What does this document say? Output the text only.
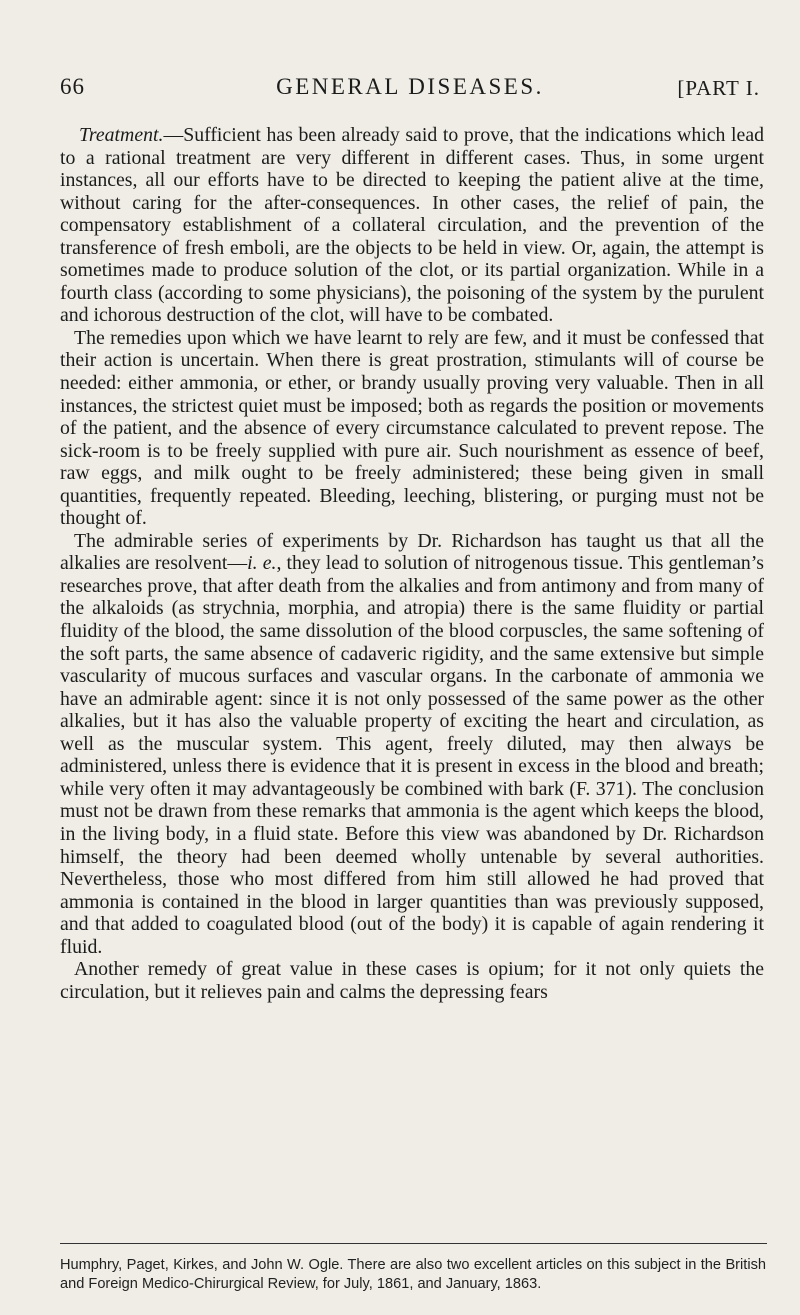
66	GENERAL DISEASES.	[PART I.

Treatment.—Sufficient has been already said to prove, that the indications which lead to a rational treatment are very different in different cases. Thus, in some urgent instances, all our efforts have to be directed to keeping the patient alive at the time, without caring for the after-consequences. In other cases, the relief of pain, the compensatory establishment of a collateral circulation, and the prevention of the transference of fresh emboli, are the objects to be held in view. Or, again, the attempt is sometimes made to produce solution of the clot, or its partial organization. While in a fourth class (according to some physicians), the poisoning of the system by the purulent and ichorous destruction of the clot, will have to be combated.

The remedies upon which we have learnt to rely are few, and it must be confessed that their action is uncertain. When there is great prostration, stimulants will of course be needed: either ammonia, or ether, or brandy usually proving very valuable. Then in all instances, the strictest quiet must be imposed; both as regards the position or movements of the patient, and the absence of every circumstance calculated to prevent repose. The sick-room is to be freely supplied with pure air. Such nourishment as essence of beef, raw eggs, and milk ought to be freely administered; these being given in small quantities, frequently repeated. Bleeding, leeching, blistering, or purging must not be thought of.

The admirable series of experiments by Dr. Richardson has taught us that all the alkalies are resolvent—i. e., they lead to solution of nitrogenous tissue. This gentleman’s researches prove, that after death from the alkalies and from antimony and from many of the alkaloids (as strychnia, morphia, and atropia) there is the same fluidity or partial fluidity of the blood, the same dissolution of the blood corpuscles, the same softening of the soft parts, the same absence of cadaveric rigidity, and the same extensive but simple vascularity of mucous surfaces and vascular organs. In the carbonate of ammonia we have an admirable agent: since it is not only possessed of the same power as the other alkalies, but it has also the valuable property of exciting the heart and circulation, as well as the muscular system. This agent, freely diluted, may then always be administered, unless there is evidence that it is present in excess in the blood and breath; while very often it may advantageously be combined with bark (F. 371). The conclusion must not be drawn from these remarks that ammonia is the agent which keeps the blood, in the living body, in a fluid state. Before this view was abandoned by Dr. Richardson himself, the theory had been deemed wholly untenable by several authorities. Nevertheless, those who most differed from him still allowed he had proved that ammonia is contained in the blood in larger quantities than was previously supposed, and that added to coagulated blood (out of the body) it is capable of again rendering it fluid.

Another remedy of great value in these cases is opium; for it not only quiets the circulation, but it relieves pain and calms the depressing fears

Humphry, Paget, Kirkes, and John W. Ogle. There are also two excellent articles on this subject in the British and Foreign Medico-Chirurgical Review, for July, 1861, and January, 1863.
